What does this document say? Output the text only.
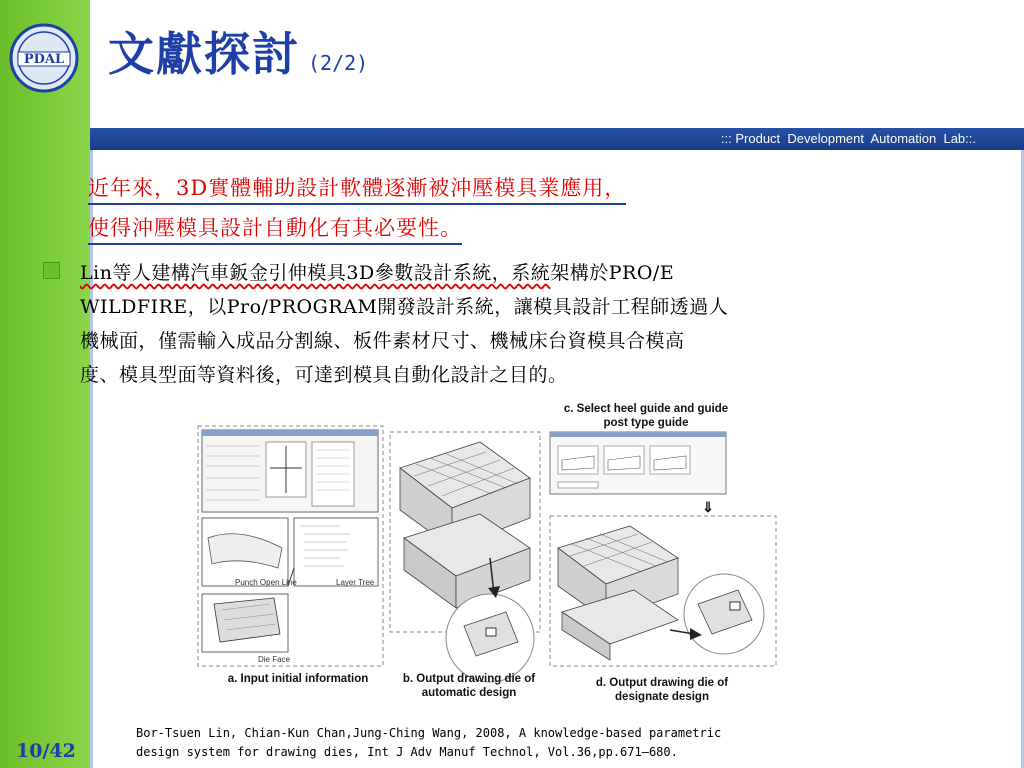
PDAL 文獻探討 (2/2)
::: Product  Development  Automation  Lab::.
近年來，3D實體輔助設計軟體逐漸被沖壓模具業應用，
使得沖壓模具設計自動化有其必要性。
Lin等人建構汽車鈑金引伸模具3D參數設計系統，系統架構於PRO/E
WILDFIRE，以Pro/PROGRAM開發設計系統，讓模具設計工程師透過人
機械面，僅需輸入成品分割線、板件素材尺寸、機械床台資模具合模高
度、模具型面等資料後，可達到模具自動化設計之目的。
Punch Open Line	Layer Tree
Die Face
a. Input initial information	b. Output drawing die of
automatic design
c. Select heel guide and guide
post type guide
⇓
d. Output drawing die of
designate design
10/42
Bor-Tsuen Lin, Chian-Kun Chan,Jung-Ching Wang, 2008, A knowledge-based parametric
design system for drawing dies, Int J Adv Manuf Technol, Vol.36,pp.671–680.
